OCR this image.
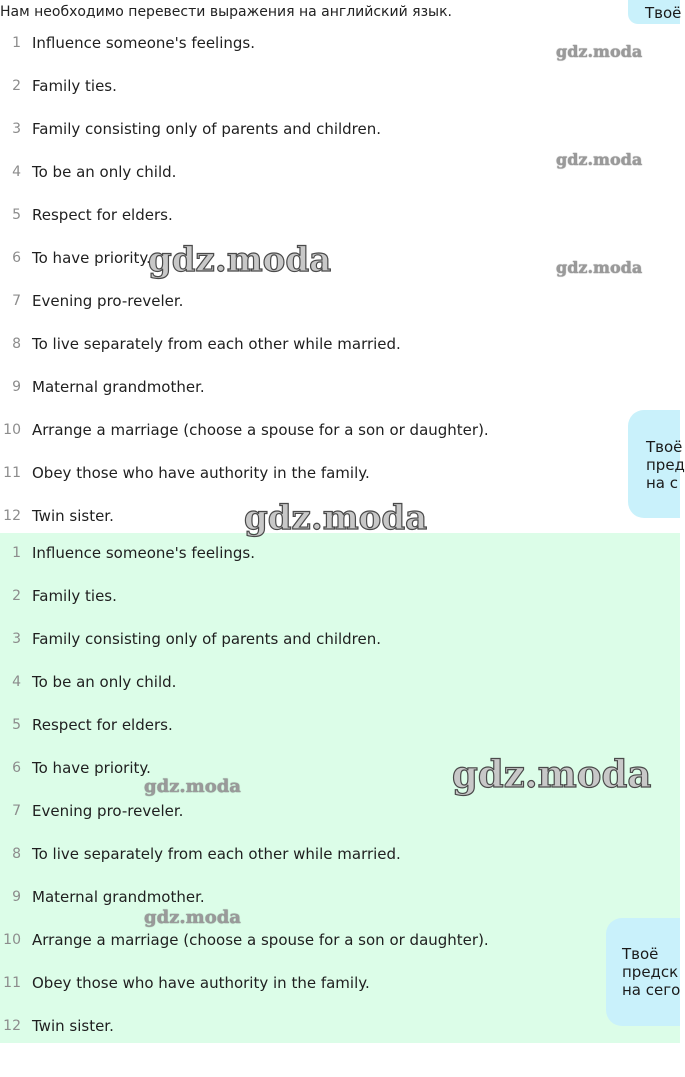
Нам необходимо перевести выражения на английский язык.
1 Influence someone's feelings.
2 Family ties.
3 Family consisting only of parents and children.
4 To be an only child.
5 Respect for elders.
6 To have priority.
7 Evening pro-reveler.
8 To live separately from each other while married.
9 Maternal grandmother.
10 Arrange a marriage (choose a spouse for a son or daughter).
11 Obey those who have authority in the family.
12 Twin sister.
1 Influence someone's feelings.
2 Family ties.
3 Family consisting only of parents and children.
4 To be an only child.
5 Respect for elders.
6 To have priority.
7 Evening pro-reveler.
8 To live separately from each other while married.
9 Maternal grandmother.
10 Arrange a marriage (choose a spouse for a son or daughter).
11 Obey those who have authority in the family.
12 Twin sister.
gdz.moda
gdz.moda
gdz.moda
gdz.moda
gdz.moda
gdz.moda
gdz.moda
gdz.moda
Твоё
Твоё
пред
на с
Твоё
предск
на сего
